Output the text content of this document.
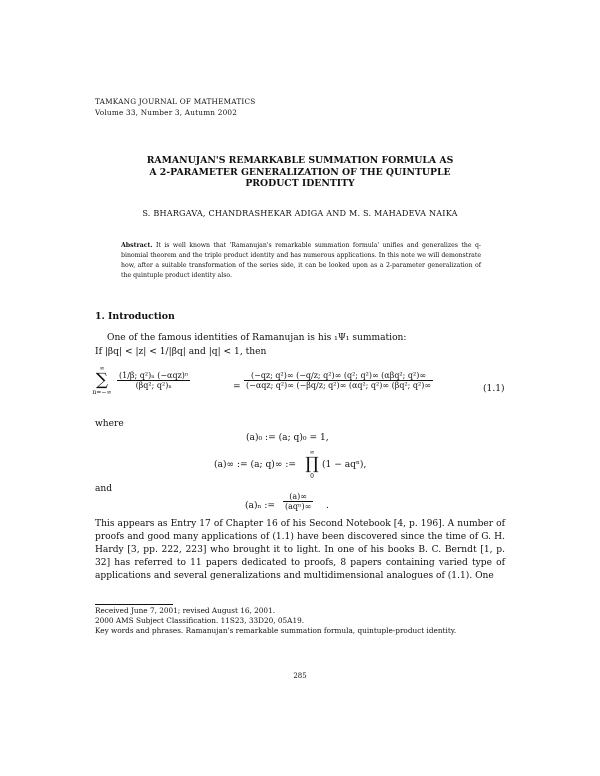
TAMKANG JOURNAL OF MATHEMATICS
Volume 33, Number 3, Autumn 2002
RAMANUJAN'S REMARKABLE SUMMATION FORMULA AS
A 2-PARAMETER GENERALIZATION OF THE QUINTUPLE
PRODUCT IDENTITY
S. BHARGAVA, CHANDRASHEKAR ADIGA AND M. S. MAHADEVA NAIKA
Abstract. It is well known that 'Ramanujan's remarkable summation formula' unifies and generalizes the q-binomial theorem and the triple product identity and has numerous applications. In this note we will demonstrate how, after a suitable transformation of the series side, it can be looked upon as a 2-parameter generalization of the quintuple product identity also.
1. Introduction
One of the famous identities of Ramanujan is his ₁Ψ₁ summation:
If |βq| < |z| < 1/|βq| and |q| < 1, then
∞
∑
n=−∞
$\frac{\text{(1/β; q²)ₙ (−αqz)ⁿ}}{\text{(βq²; q²)ₙ}}$	= $\frac{\text{(−qz; q²)∞ (−q/z; q²)∞ (q²; q²)∞ (αβq²; q²)∞}}{\text{(−αqz; q²)∞ (−βq/z; q²)∞ (αq²; q²)∞ (βq²; q²)∞}}$	(1.1)
where
(a)₀ := (a; q)₀ = 1,
(a)∞ := (a; q)∞ :=
∞
∏
0
(1 − aqⁿ),
and
(a)ₙ := $\frac{(a)\infty}{\text{(aqⁿ)∞}}$ .
This appears as Entry 17 of Chapter 16 of his Second Notebook [4, p. 196]. A number of proofs and good many applications of (1.1) have been discovered since the time of G. H. Hardy [3, pp. 222, 223] who brought it to light. In one of his books B. C. Berndt [1, p. 32] has referred to 11 papers dedicated to proofs, 8 papers containing varied type of applications and several generalizations and multidimensional analogues of (1.1). One
Received June 7, 2001; revised August 16, 2001.
2000 AMS Subject Classification. 11S23, 33D20, 05A19.
Key words and phrases. Ramanujan's remarkable summation formula, quintuple-product identity.
285
